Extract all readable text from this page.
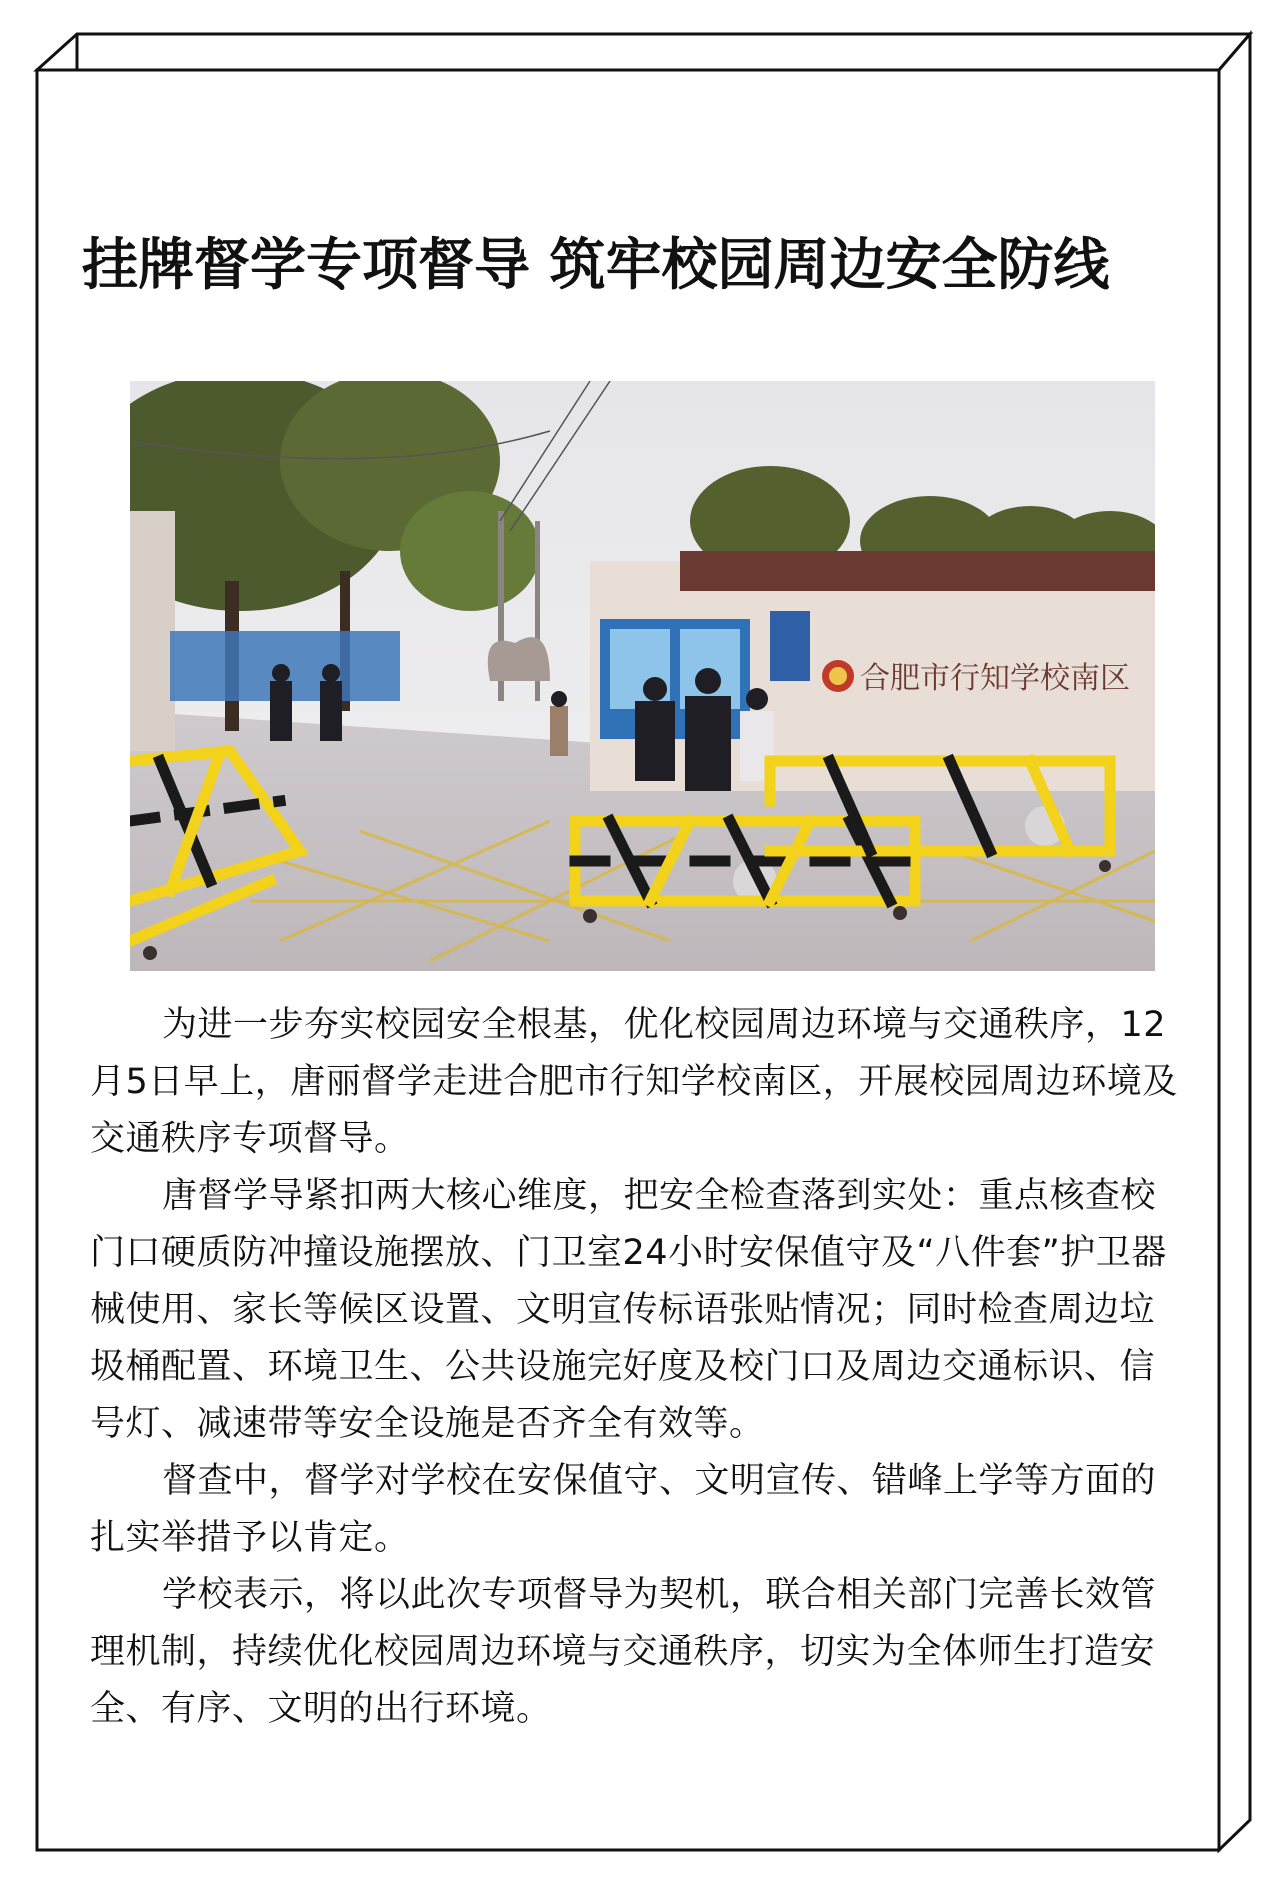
挂牌督学专项督导 筑牢校园周边安全防线
合肥市行知学校南区

为进一步夯实校园安全根基，优化校园周边环境与交通秩序，12月5日早上，唐丽督学走进合肥市行知学校南区，开展校园周边环境及交通秩序专项督导。

唐督学导紧扣两大核心维度，把安全检查落到实处：重点核查校门口硬质防冲撞设施摆放、门卫室24小时安保值守及“八件套”护卫器械使用、家长等候区设置、文明宣传标语张贴情况；同时检查周边垃圾桶配置、环境卫生、公共设施完好度及校门口及周边交通标识、信号灯、减速带等安全设施是否齐全有效等。

督查中，督学对学校在安保值守、文明宣传、错峰上学等方面的扎实举措予以肯定。

学校表示，将以此次专项督导为契机，联合相关部门完善长效管理机制，持续优化校园周边环境与交通秩序，切实为全体师生打造安全、有序、文明的出行环境。
